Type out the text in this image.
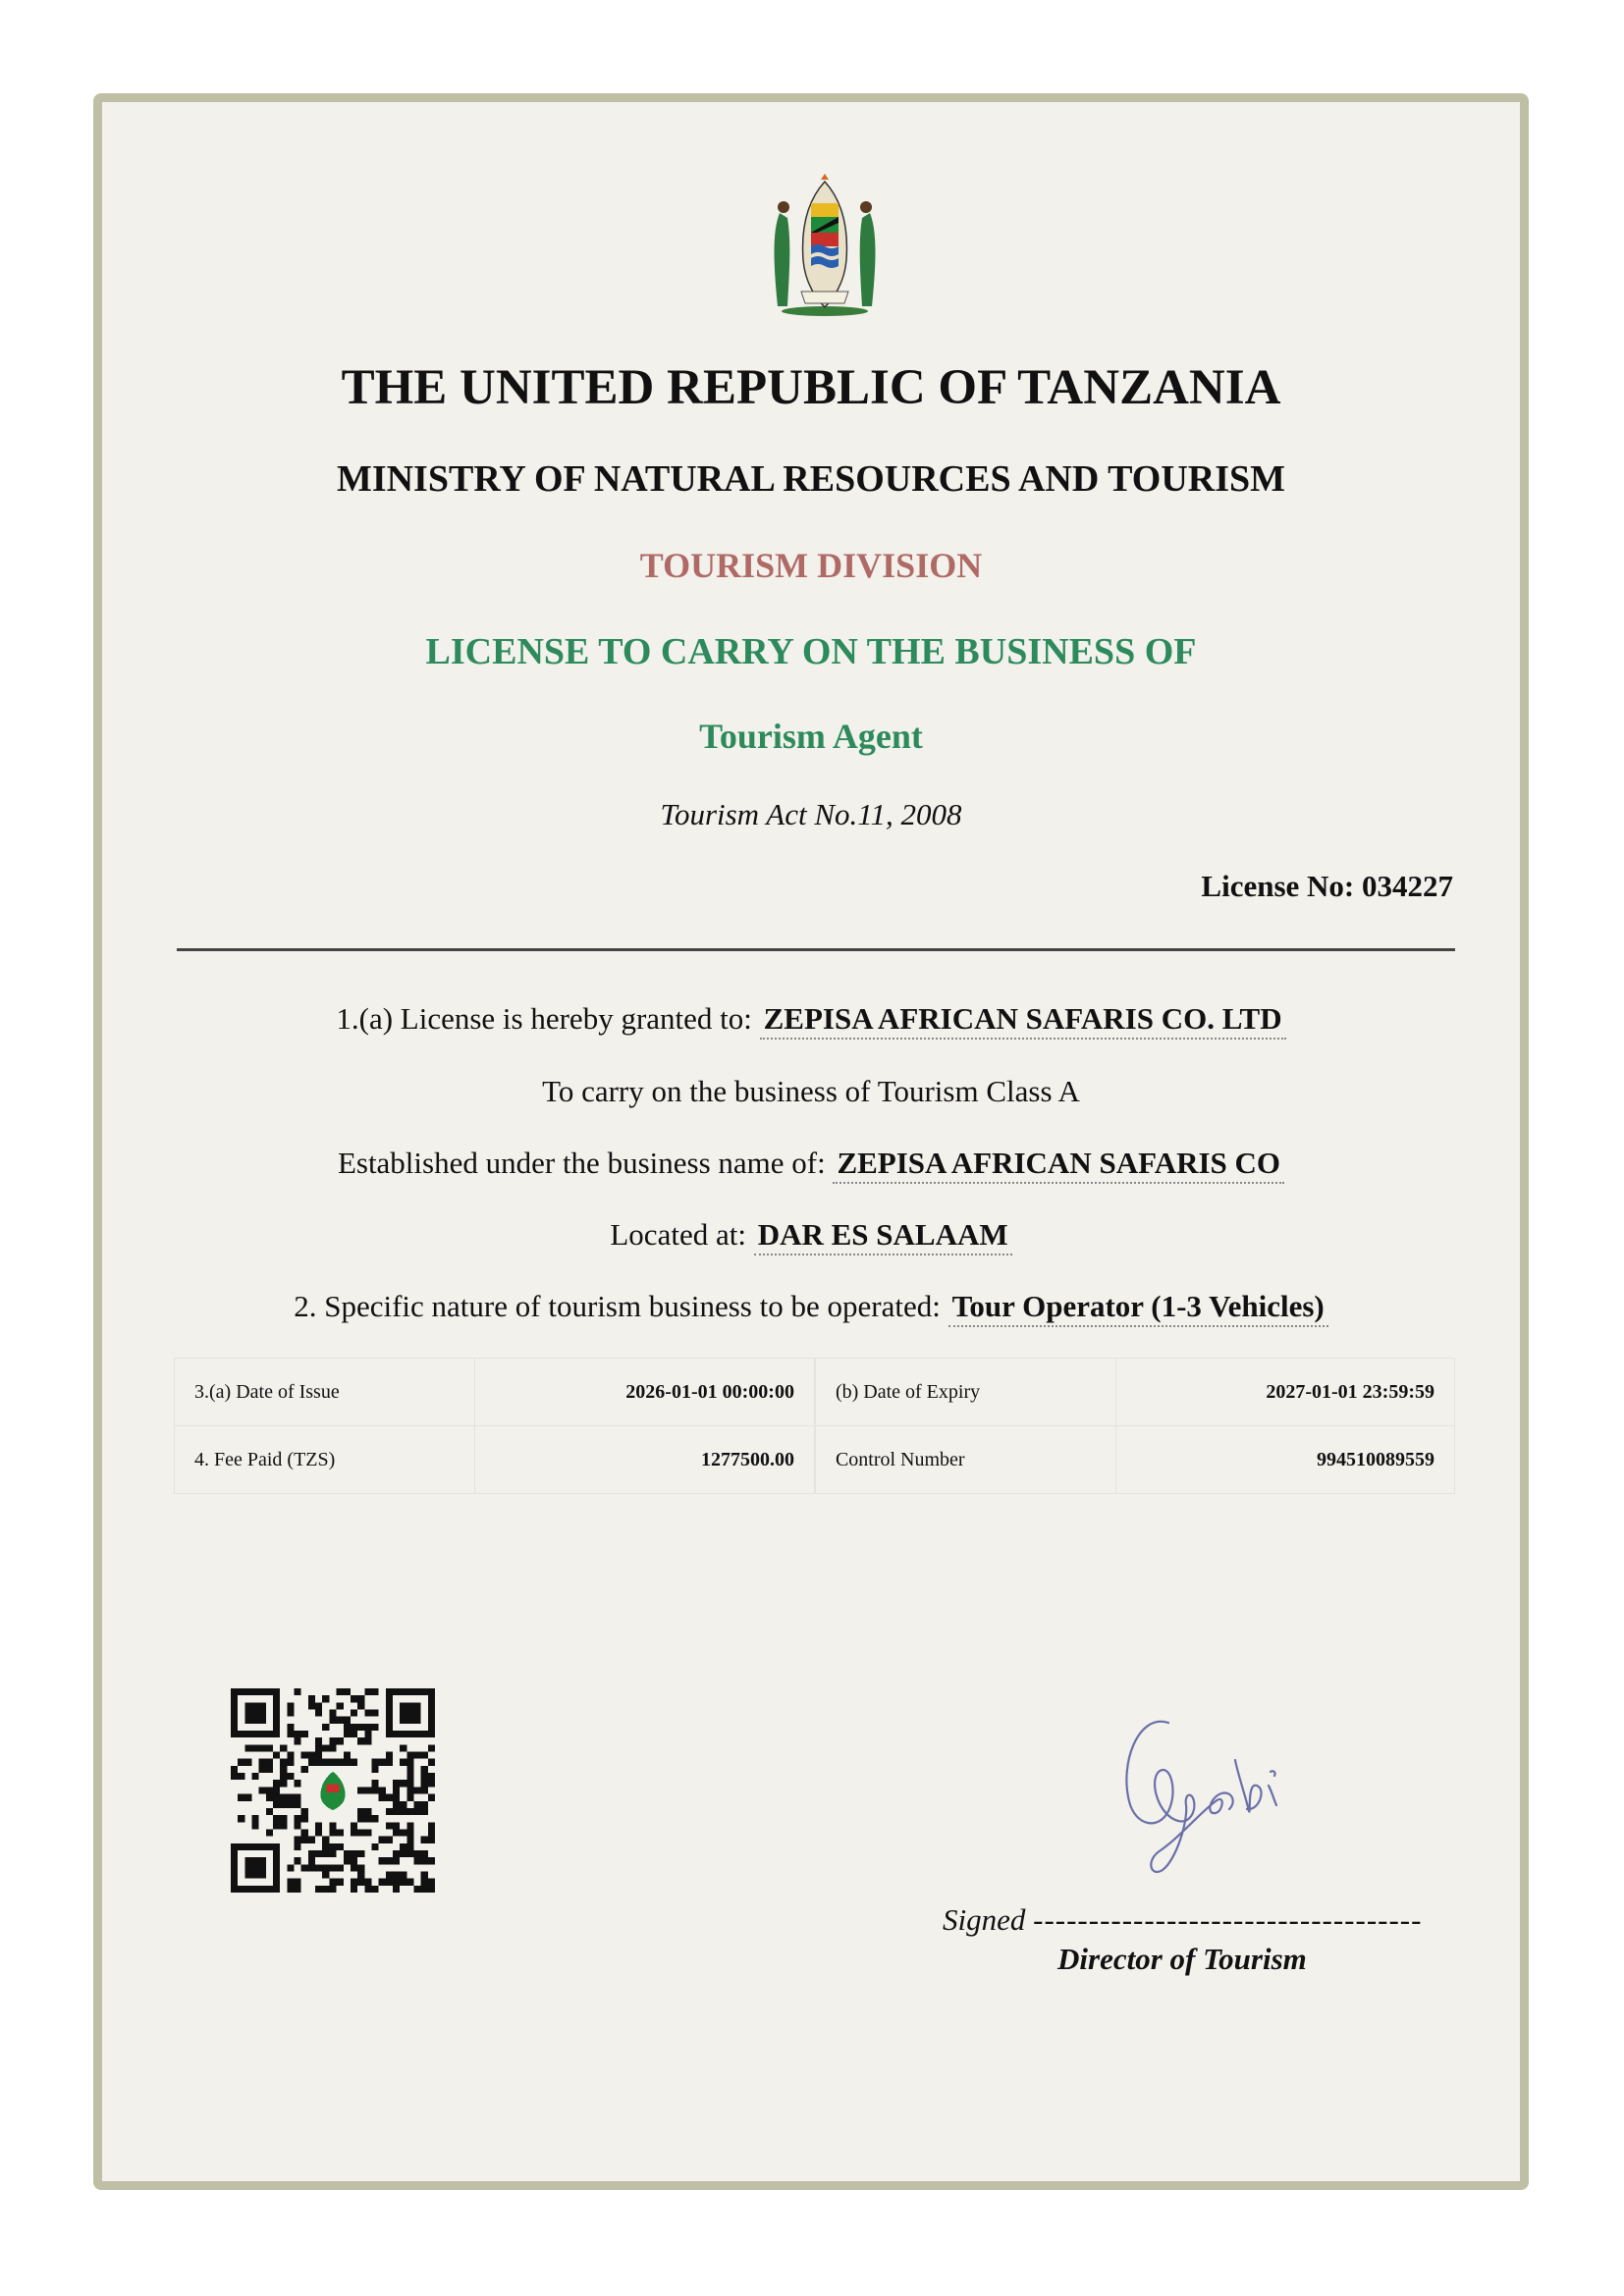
THE UNITED REPUBLIC OF TANZANIA
MINISTRY OF NATURAL RESOURCES AND TOURISM
TOURISM DIVISION
LICENSE TO CARRY ON THE BUSINESS OF
Tourism Agent
Tourism Act No.11, 2008
License No: 034227
1.(a) License is hereby granted to: ZEPISA AFRICAN SAFARIS CO. LTD
To carry on the business of Tourism Class A
Established under the business name of: ZEPISA AFRICAN SAFARIS CO
Located at: DAR ES SALAAM
2. Specific nature of tourism business to be operated: Tour Operator (1-3 Vehicles)
3.(a) Date of Issue	2026-01-01 00:00:00	(b) Date of Expiry	2027-01-01 23:59:59
4. Fee Paid (TZS)	1277500.00	Control Number	994510089559
Signed -----------------------------------
Director of Tourism
